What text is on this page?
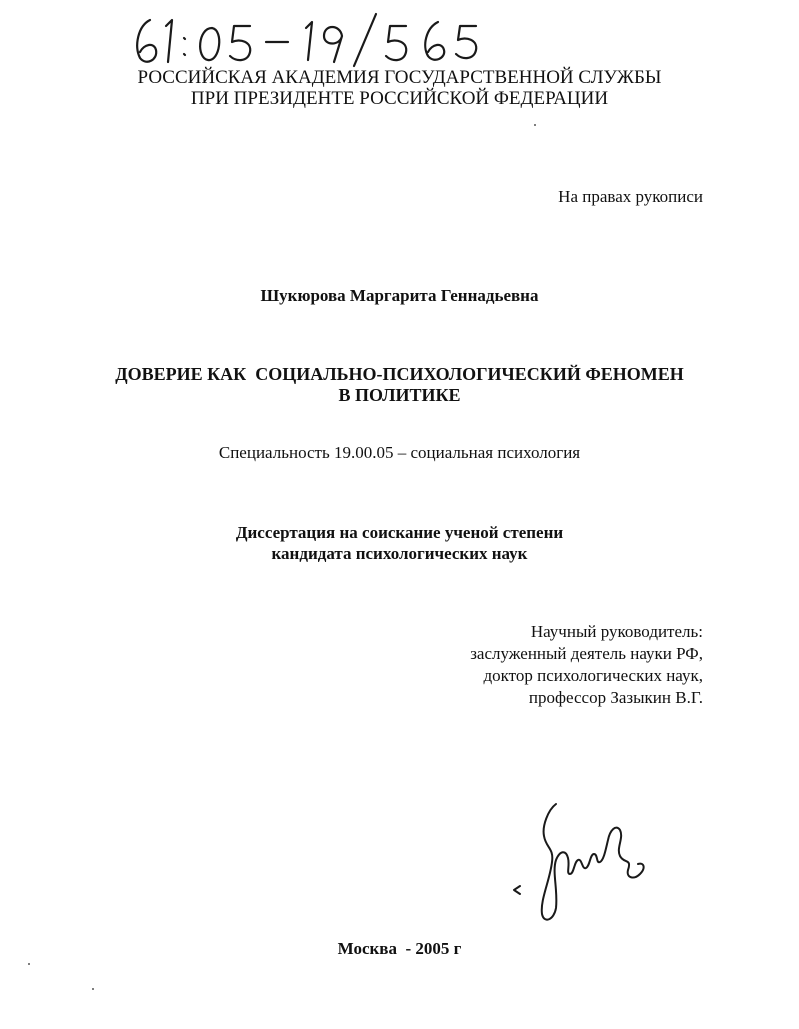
РОССИЙСКАЯ АКАДЕМИЯ ГОСУДАРСТВЕННОЙ СЛУЖБЫ
ПРИ ПРЕЗИДЕНТЕ РОССИЙСКОЙ ФЕДЕРАЦИИ
На правах рукописи
Шукюрова Маргарита Геннадьевна
ДОВЕРИЕ КАК  СОЦИАЛЬНО-ПСИХОЛОГИЧЕСКИЙ ФЕНОМЕН
В ПОЛИТИКЕ
Специальность 19.00.05 – социальная психология
Диссертация на соискание ученой степени
кандидата психологических наук
Научный руководитель:
заслуженный деятель науки РФ,
доктор психологических наук,
профессор Зазыкин В.Г.
Москва  - 2005 г
